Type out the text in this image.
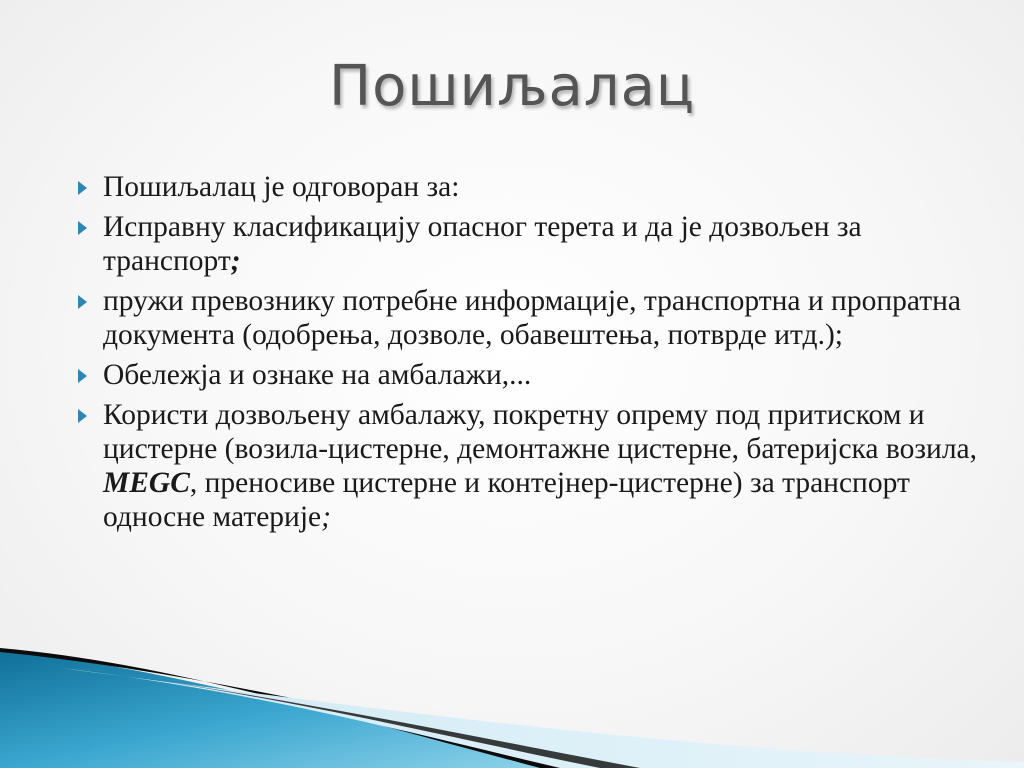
Пошиљалац
Пошиљалац је одговоран за:
Исправну класификацију опасног терета и да је дозвољен за транспорт;
пружи превознику потребне информације, транспортна и пропратна документа (одобрења, дозволе, обавештења, потврде итд.);
Обележја и ознаке на амбалажи,...
Користи дозвољену амбалажу, покретну опрему под притиском и цистерне (возила-цистерне, демонтажне цистерне, батеријска возила, MEGC, преносиве цистерне и контејнер-цистерне) за транспорт односне материје;
